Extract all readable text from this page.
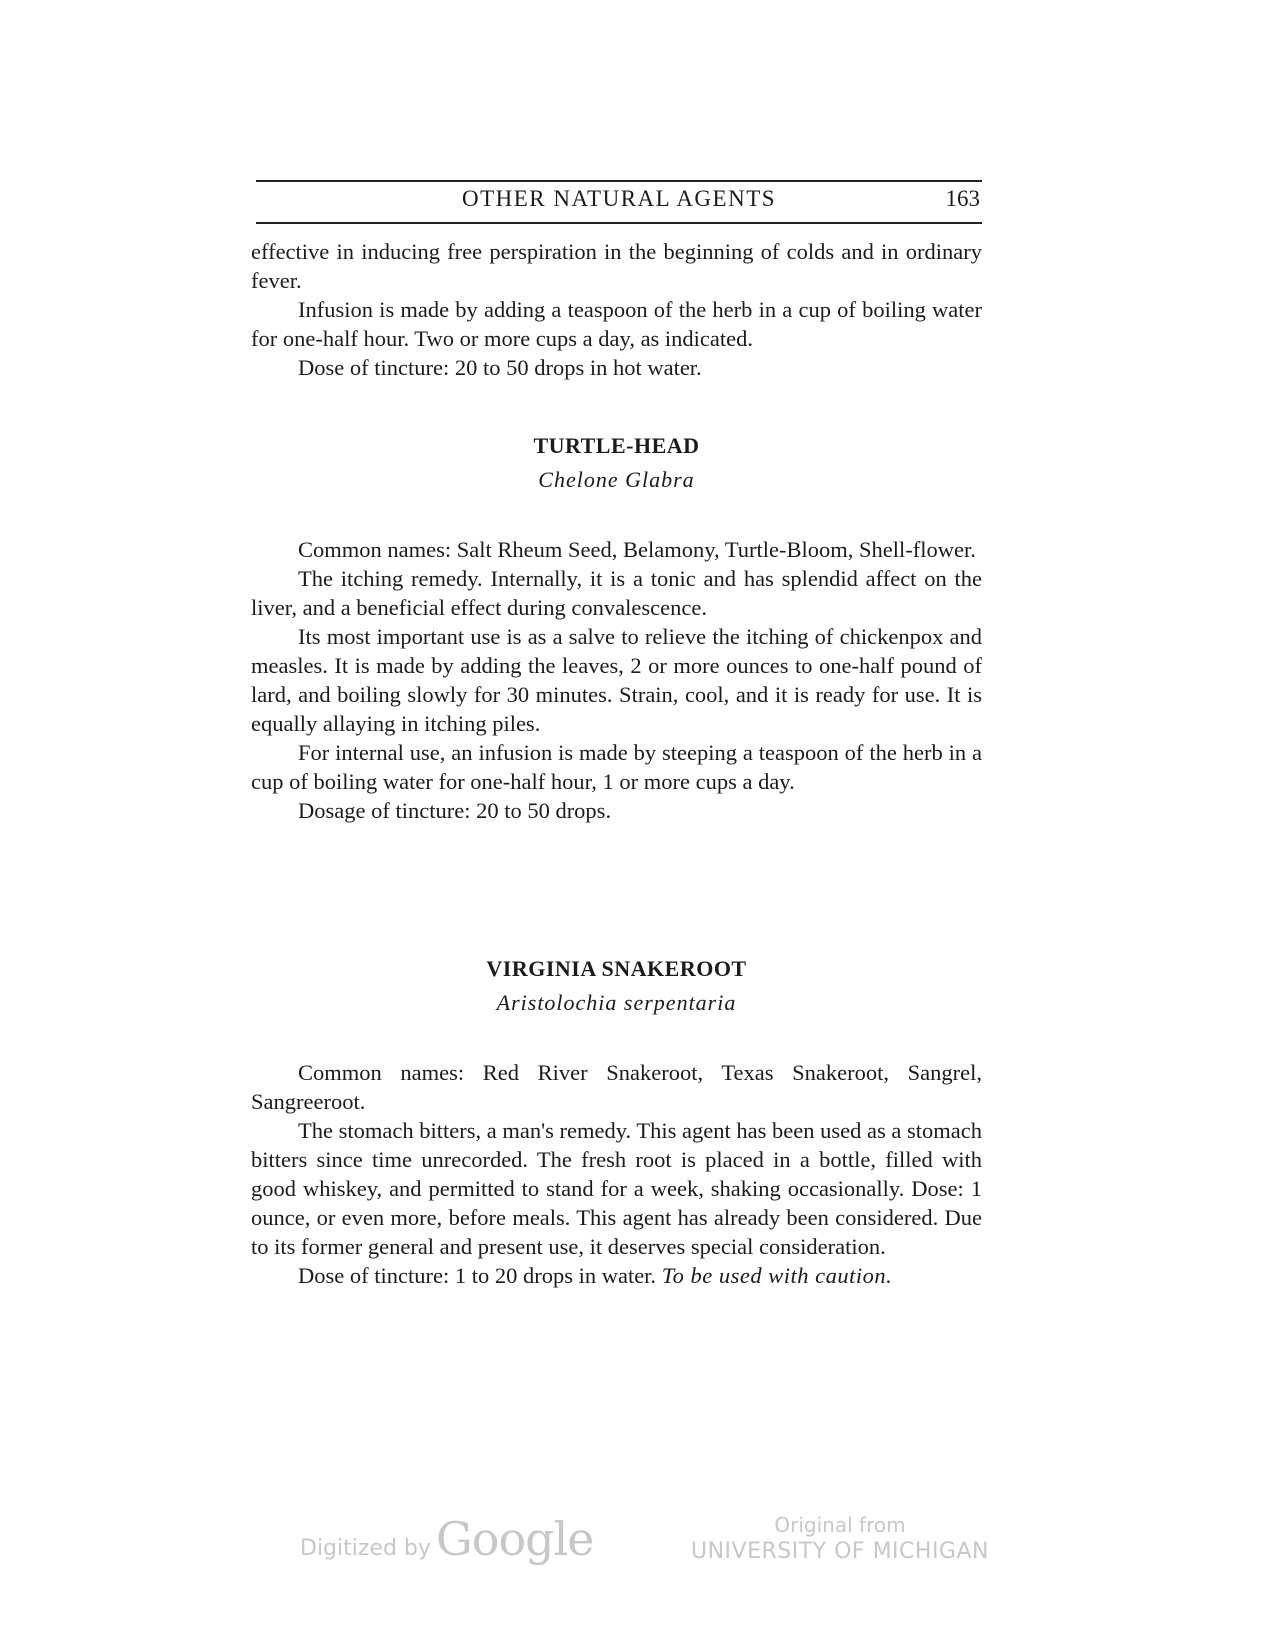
OTHER NATURAL AGENTS	163

effective in inducing free perspiration in the beginning of colds and in ordinary fever.

Infusion is made by adding a teaspoon of the herb in a cup of boiling water for one-half hour. Two or more cups a day, as indicated.

Dose of tincture: 20 to 50 drops in hot water.

TURTLE-HEAD
Chelone Glabra

Common names: Salt Rheum Seed, Belamony, Turtle-Bloom, Shell-flower.

The itching remedy. Internally, it is a tonic and has splendid affect on the liver, and a beneficial effect during convalescence.

Its most important use is as a salve to relieve the itching of chickenpox and measles. It is made by adding the leaves, 2 or more ounces to one-half pound of lard, and boiling slowly for 30 minutes. Strain, cool, and it is ready for use. It is equally allaying in itching piles.

For internal use, an infusion is made by steeping a teaspoon of the herb in a cup of boiling water for one-half hour, 1 or more cups a day.

Dosage of tincture: 20 to 50 drops.

VIRGINIA SNAKEROOT
Aristolochia serpentaria

Common names: Red River Snakeroot, Texas Snakeroot, Sangrel, Sangreeroot.

The stomach bitters, a man's remedy. This agent has been used as a stomach bitters since time unrecorded. The fresh root is placed in a bottle, filled with good whiskey, and permitted to stand for a week, shaking occasionally. Dose: 1 ounce, or even more, before meals. This agent has already been considered. Due to its former general and present use, it deserves special consideration.

Dose of tincture: 1 to 20 drops in water. To be used with caution.

Digitized by Google	Original from
UNIVERSITY OF MICHIGAN
